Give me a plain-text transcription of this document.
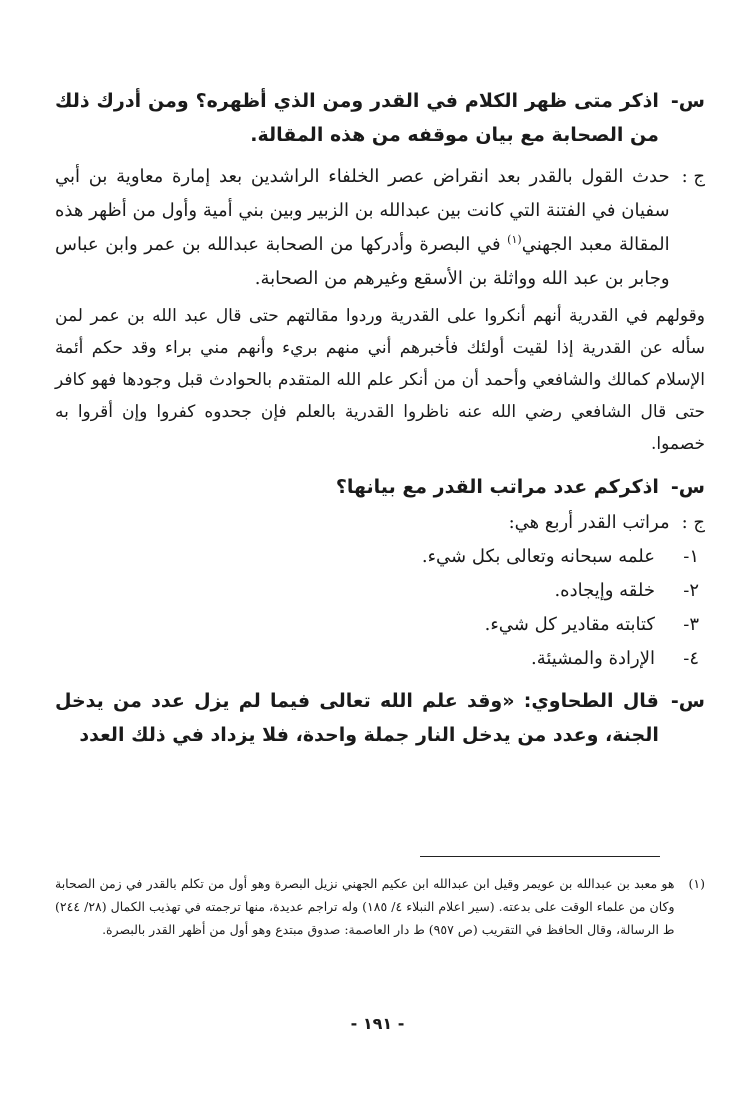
س-
اذكر متى ظهر الكلام في القدر ومن الذي أظهره؟ ومن أدرك ذلك من الصحابة مع بيان موقفه من هذه المقالة.
ج :
حدث القول بالقدر بعد انقراض عصر الخلفاء الراشدين بعد إمارة معاوية بن أبي سفيان في الفتنة التي كانت بين عبدالله بن الزبير وبين بني أمية وأول من أظهر هذه المقالة معبد الجهني$^{(١)}$ في البصرة وأدركها من الصحابة عبدالله بن عمر وابن عباس وجابر بن عبد الله وواثلة بن الأسقع وغيرهم من الصحابة.

وقولهم في القدرية أنهم أنكروا على القدرية وردوا مقالتهم حتى قال عبد الله بن عمر لمن سأله عن القدرية إذا لقيت أولئك فأخبرهم أني منهم بريء وأنهم مني براء وقد حكم أئمة الإسلام كمالك والشافعي وأحمد أن من أنكر علم الله المتقدم بالحوادث قبل وجودها فهو كافر حتى قال الشافعي رضي الله عنه ناظروا القدرية بالعلم فإن جحدوه كفروا وإن أقروا به خصموا.

س-
اذكركم عدد مراتب القدر مع بيانها؟
ج :
مراتب القدر أربع هي:
١-
علمه سبحانه وتعالى بكل شيء.
٢-
خلقه وإيجاده.
٣-
كتابته مقادير كل شيء.
٤-
الإرادة والمشيئة.
س-
قال الطحاوي: «وقد علم الله تعالى فيما لم يزل عدد من يدخل الجنة، وعدد من يدخل النار جملة واحدة، فلا يزداد في ذلك العدد
(١)
هو معبد بن عبدالله بن عويمر وقيل ابن عبدالله ابن عكيم الجهني نزيل البصرة وهو أول من تكلم بالقدر في زمن الصحابة وكان من علماء الوقت على بدعته. (سير اعلام النبلاء ٤/ ١٨٥) وله تراجم عديدة، منها ترجمته في تهذيب الكمال (٢٨/ ٢٤٤) ط الرسالة، وقال الحافظ في التقريب (ص ٩٥٧) ط دار العاصمة: صدوق مبتدع وهو أول من أظهر القدر بالبصرة.
- ١٩١ -
